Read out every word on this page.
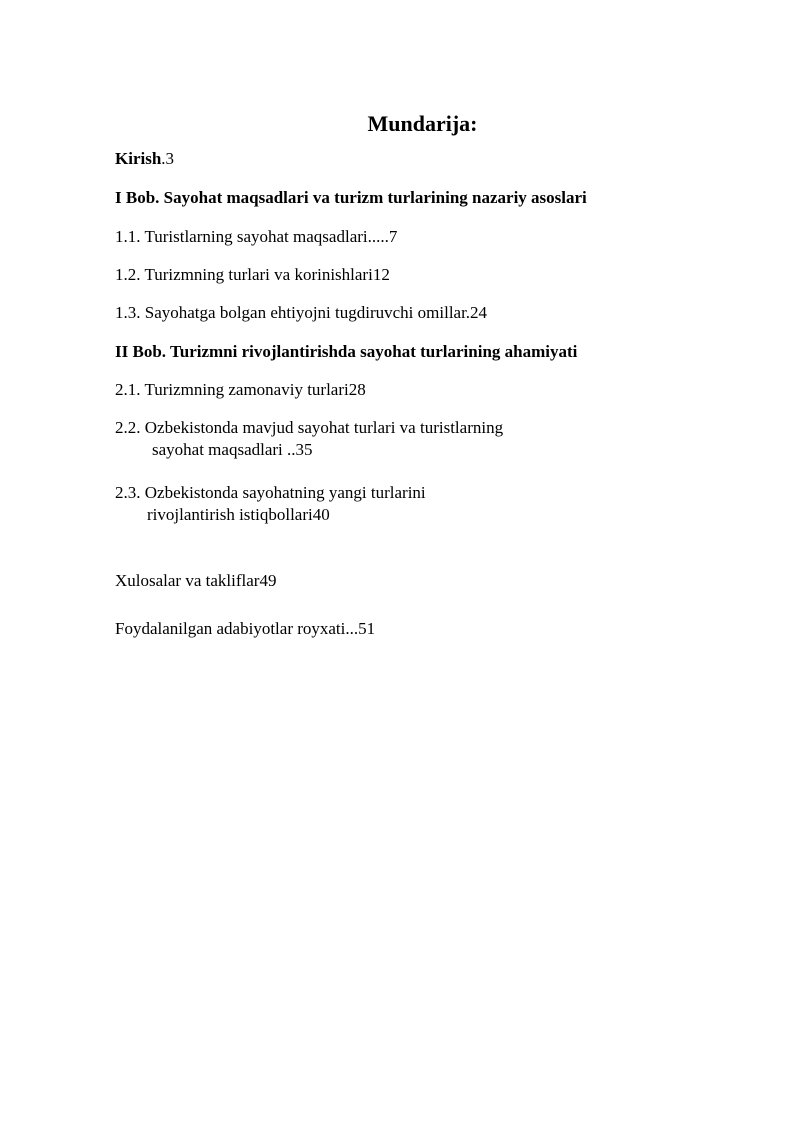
Mundarija:
Kirish.3
I Bob. Sayohat maqsadlari va turizm turlarining nazariy asoslari
1.1. Turistlarning sayohat maqsadlari.....7
1.2. Turizmning turlari va korinishlari12
1.3. Sayohatga bolgan ehtiyojni tugdiruvchi omillar.24
II Bob. Turizmni rivojlantirishda sayohat turlarining ahamiyati
2.1. Turizmning zamonaviy turlari28
2.2. Ozbekistonda mavjud sayohat turlari va turistlarning
sayohat maqsadlari ..35
2.3. Ozbekistonda sayohatning yangi turlarini
rivojlantirish istiqbollari40
Xulosalar va takliflar49
Foydalanilgan adabiyotlar royxati...51
